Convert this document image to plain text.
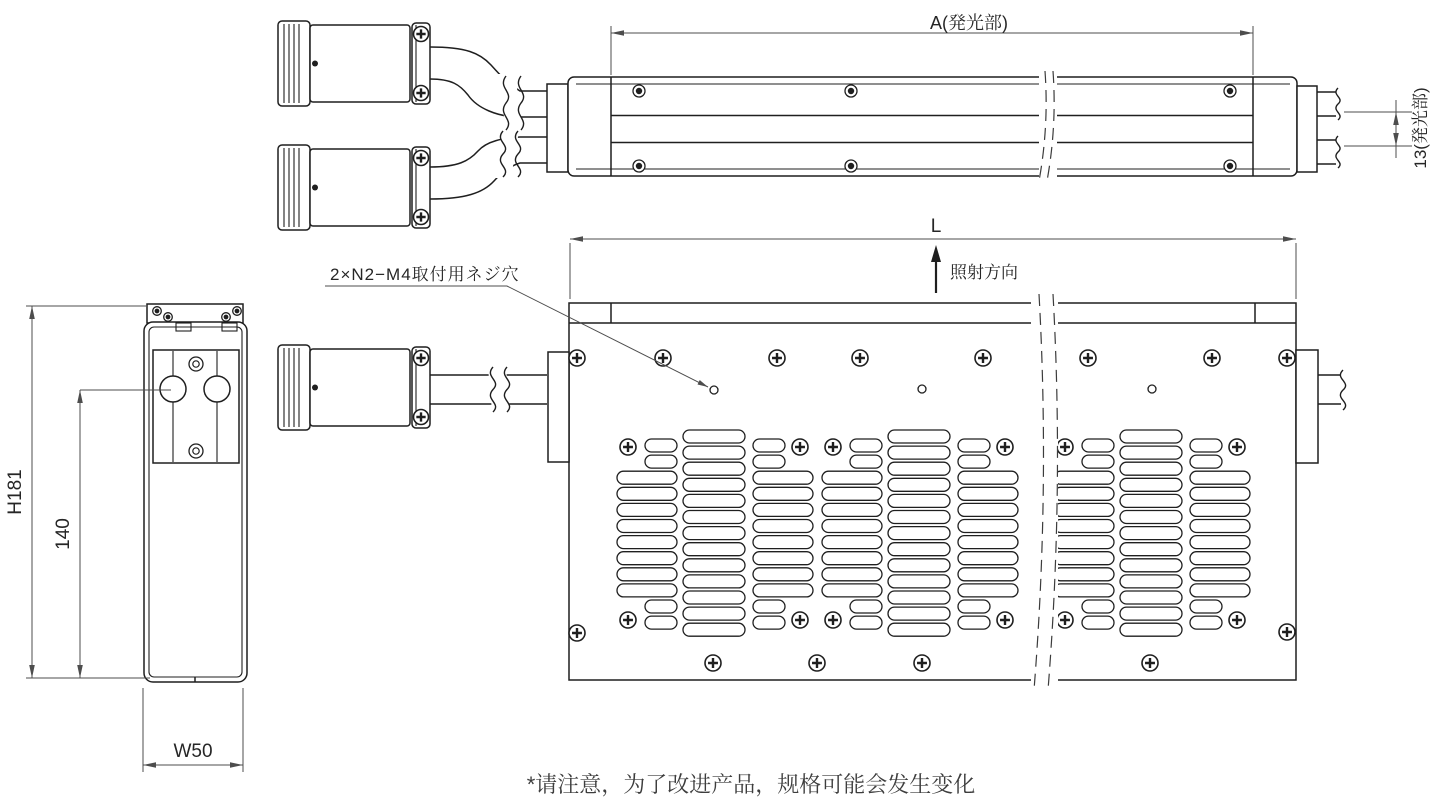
A(発光部)
13(発光部)
L
照射方向
2×N2−M4取付用ネジ穴
H181
140
W50
*请注意，为了改进产品，规格可能会发生变化
